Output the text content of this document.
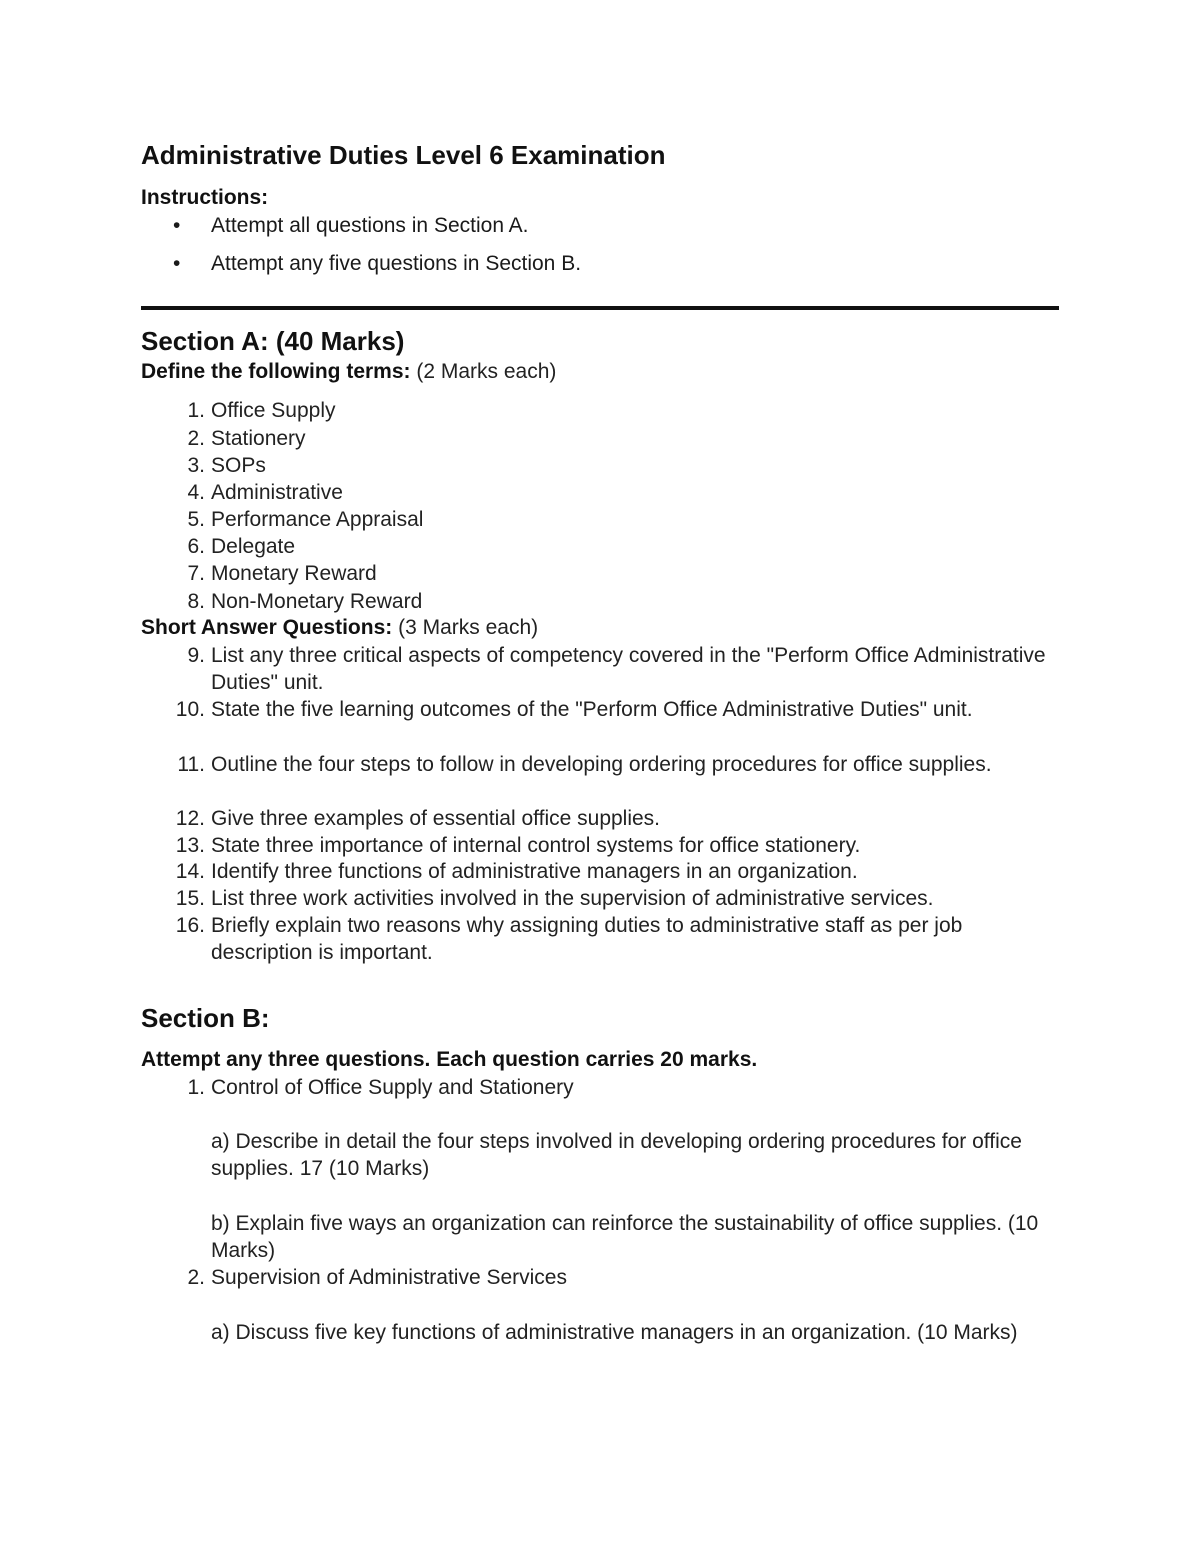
Administrative Duties Level 6 Examination
Instructions:
•	Attempt all questions in Section A.
•	Attempt any five questions in Section B.
Section A: (40 Marks)
Define the following terms: (2 Marks each)
1. Office Supply
2. Stationery
3. SOPs
4. Administrative
5. Performance Appraisal
6. Delegate
7. Monetary Reward
8. Non-Monetary Reward
Short Answer Questions: (3 Marks each)
9. List any three critical aspects of competency covered in the "Perform Office Administrative Duties" unit.
10. State the five learning outcomes of the "Perform Office Administrative Duties" unit.
11. Outline the four steps to follow in developing ordering procedures for office supplies.
12. Give three examples of essential office supplies.
13. State three importance of internal control systems for office stationery.
14. Identify three functions of administrative managers in an organization.
15. List three work activities involved in the supervision of administrative services.
16. Briefly explain two reasons why assigning duties to administrative staff as per job description is important.
Section B:
Attempt any three questions. Each question carries 20 marks.
1. Control of Office Supply and Stationery
a) Describe in detail the four steps involved in developing ordering procedures for office supplies. 17 (10 Marks)
b) Explain five ways an organization can reinforce the sustainability of office supplies. (10 Marks)
2. Supervision of Administrative Services
a) Discuss five key functions of administrative managers in an organization. (10 Marks)
